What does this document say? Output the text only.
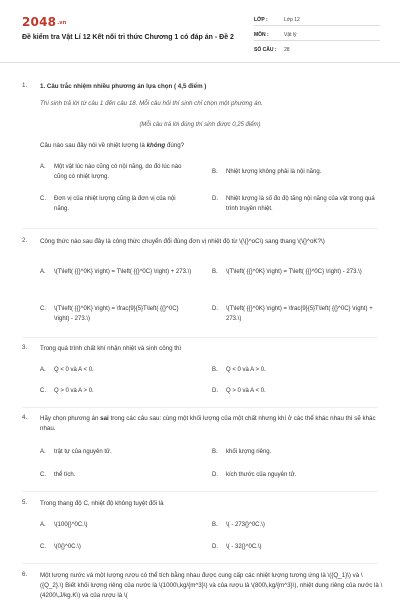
2048.vn
Đề kiểm tra Vật Lí 12 Kết nối tri thức Chương 1 có đáp án - Đề 2
LỚP :	Lớp 12
MÔN :	Vật lý
SỐ CÂU : 28
1. 1. Câu trắc nhiệm nhiều phương án lựa chọn ( 4,5 điểm )
Thí sinh trả lời từ câu 1 đến câu 18. Mỗi câu hỏi thí sinh chỉ chọn một phương án.
(Mỗi câu trả lời đúng thí sinh được 0,25 điểm)
Câu nào sau đây nói về nhiệt lượng là không đúng?
A. Một vật lúc nào cũng có nội năng, do đó lúc nào cũng có nhiệt lượng.
B. Nhiệt lượng không phải là nội năng.
C. Đơn vị của nhiệt lượng cũng là đơn vị của nội năng.
D. Nhiệt lượng là số đo độ tăng nội năng của vật trong quá trình truyền nhiệt.
2. Công thức nào sau đây là công thức chuyển đổi đúng đơn vị nhiệt độ từ \(\{}^oC\) sang thang \(\{}^oK?\)
A. \(T\left( {{}^0K} \right) = T\left( {{}^0C} \right) + 273.\)	B. \(T\left( {{}^0K} \right) = T\left( {{}^0C} \right) - 273.\)
C. \(T\left( {{}^0K} \right) = \frac{9}{5}T\left( {{}^0C} \right) - 273.\)
D. \(T\left( {{}^0K} \right) = \frac{9}{5}T\left( {{}^0C} \right) + 273.\)
3. Trong quá trình chất khí nhận nhiệt và sinh công thì
A. Q < 0 và A < 0.	B. Q < 0 và A > 0.
C. Q > 0 và A > 0.	D. Q > 0 và A < 0.
4. Hãy chọn phương án sai trong các câu sau: cùng một khối lượng của một chất nhưng khí ở các thể khác nhau thì sẽ khác nhau.
A. trật tự của nguyên tử.	B. khối lượng riêng.
C. thể tích.	D. kích thước của nguyên tử.
5. Trong thang độ C, nhiệt độ không tuyệt đối là
A. \(100{}^0C.\)	B. \( - 273{}^0C.\)
C. \(0{}^0C.\)	D. \( - 32{}^0C.\)
6. Một lượng nước và một lượng rượu có thể tích bằng nhau được cung cấp các nhiệt lượng tương ứng là \({Q_1}\) và \({Q_2}.\) Biết khối lượng riêng của nước là \(1000\,kg/{m^3}\) và của rượu là \(800\,kg/{m^3}\), nhiệt dung riêng của nước là \(4200\,J/kg.K\) và của rượu là \(
